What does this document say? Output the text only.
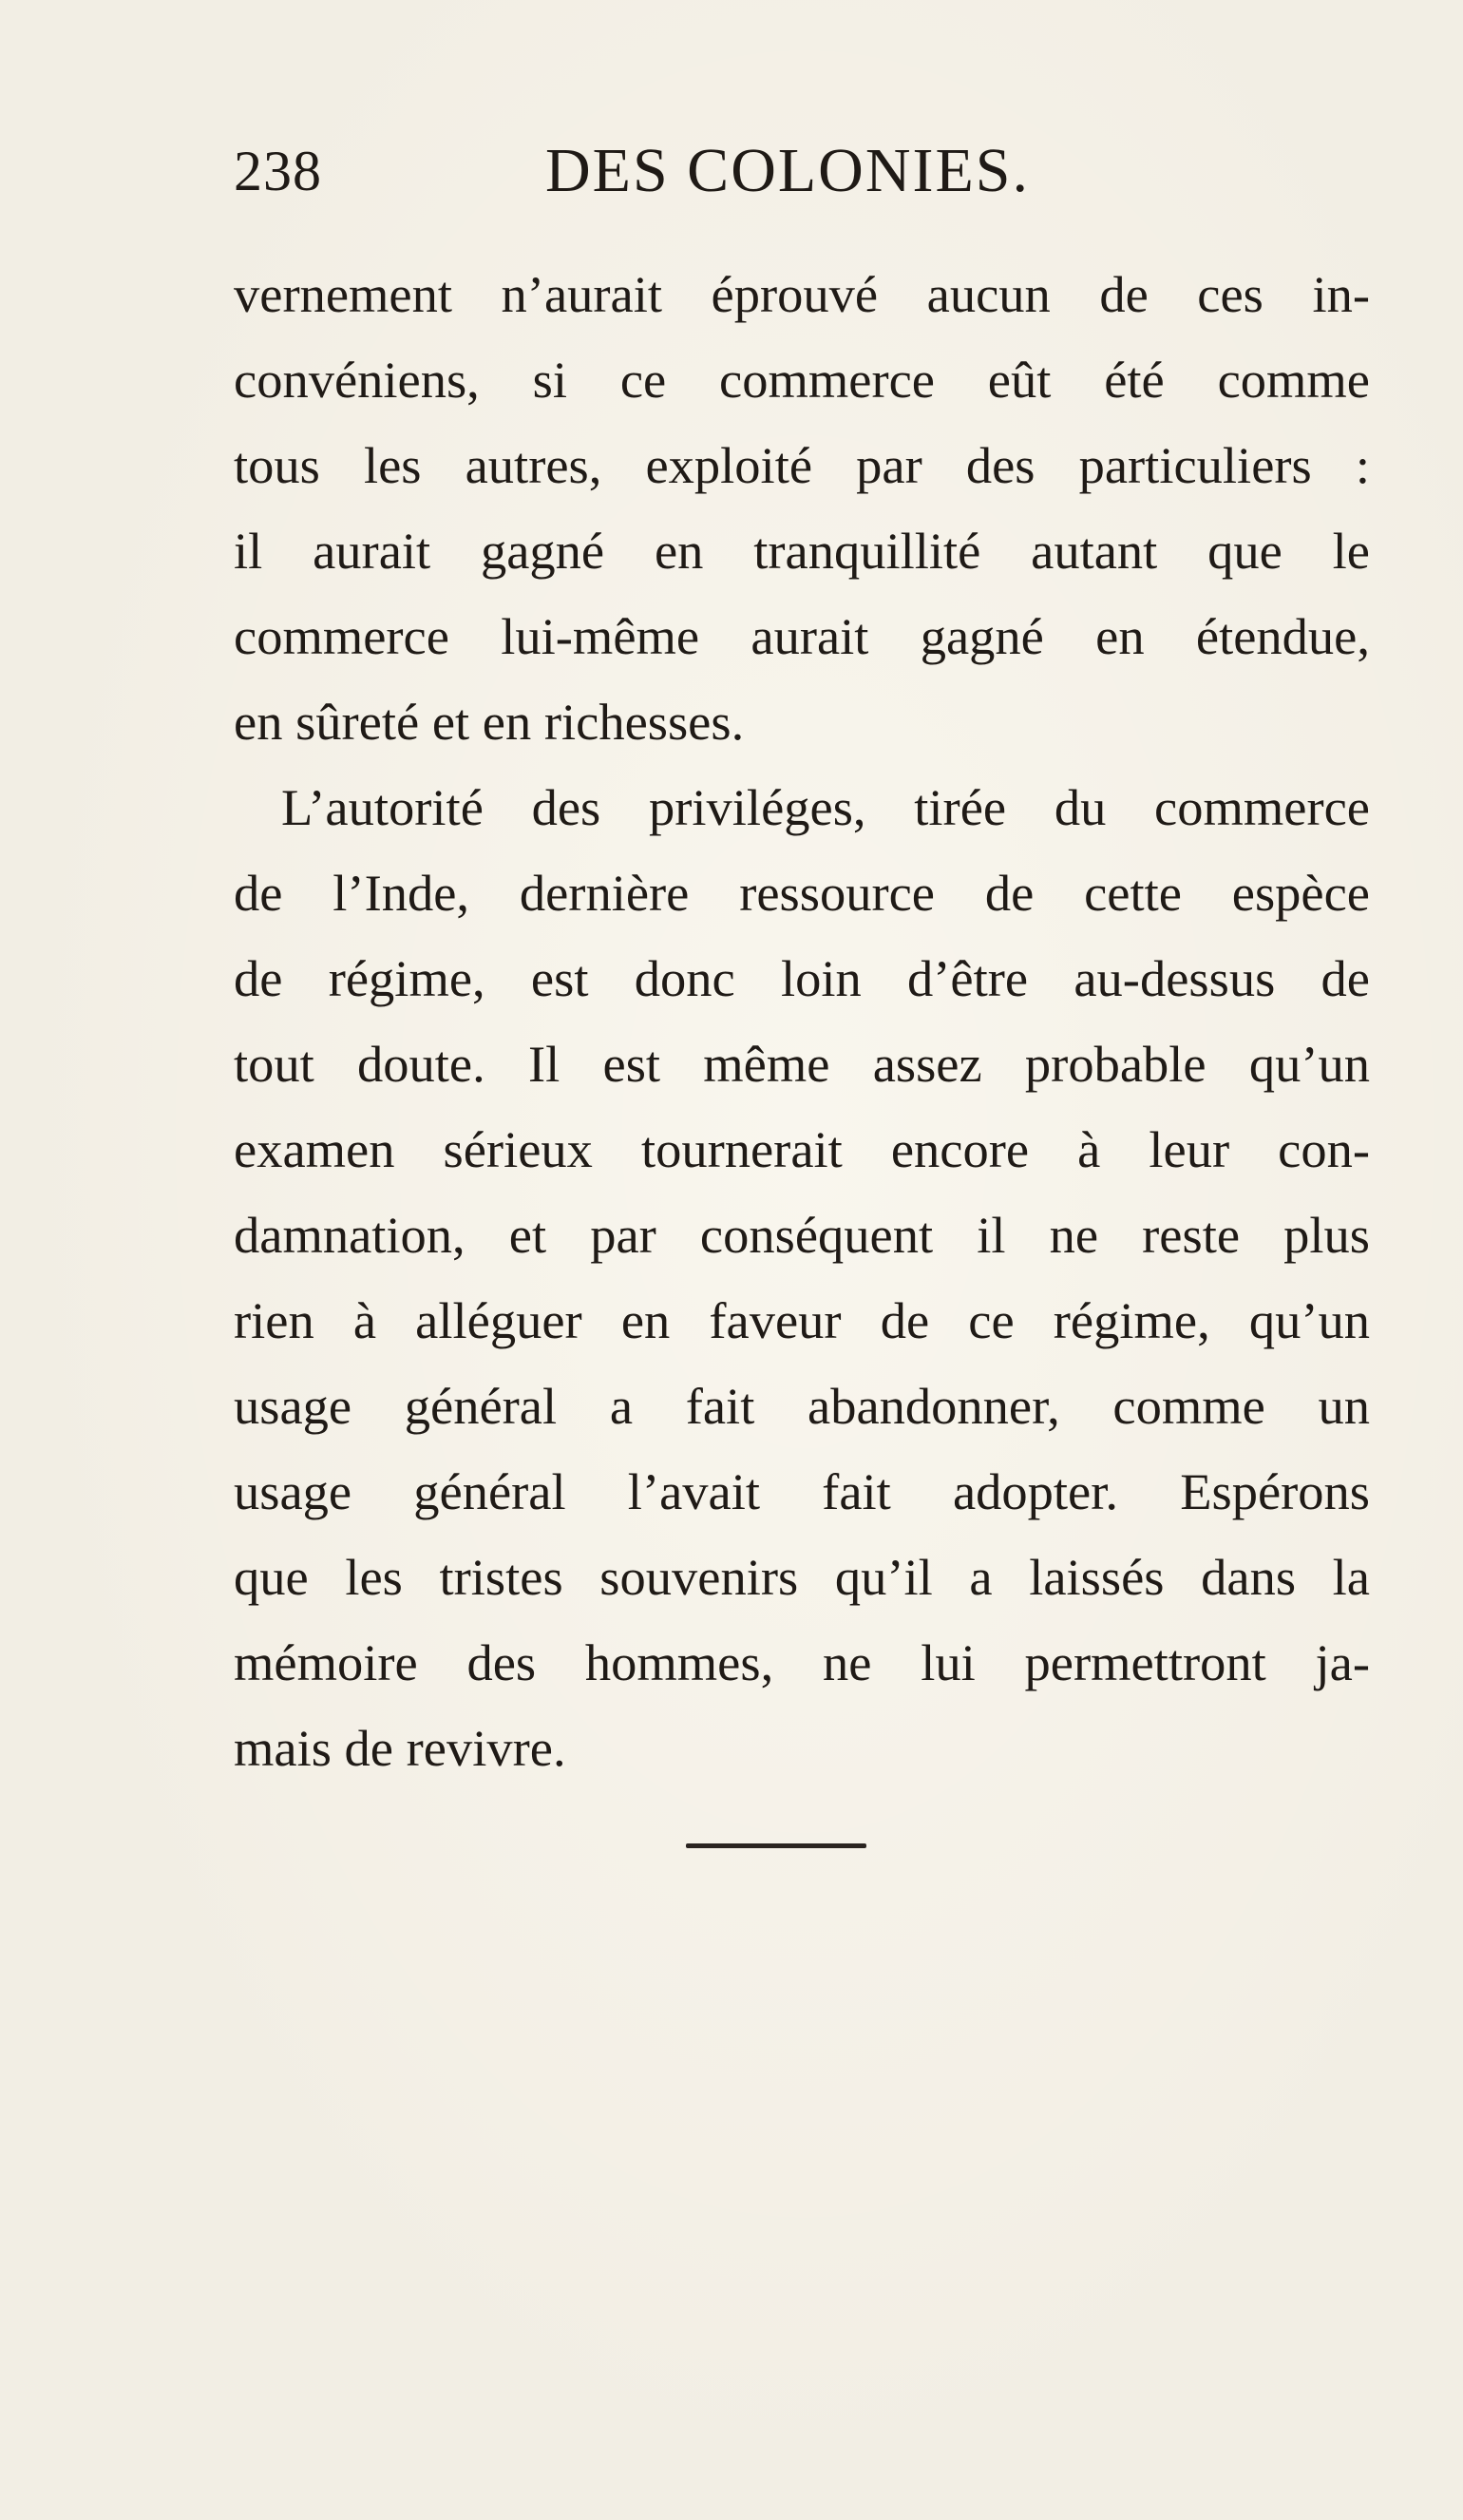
238	DES COLONIES.
vernement n’aurait éprouvé aucun de ces in-
convéniens, si ce commerce eût été comme
tous les autres, exploité par des particuliers :
il aurait gagné en tranquillité autant que le
commerce lui-même aurait gagné en étendue,
en sûreté et en richesses.
L’autorité des priviléges, tirée du commerce
de l’Inde, dernière ressource de cette espèce
de régime, est donc loin d’être au-dessus de
tout doute. Il est même assez probable qu’un
examen sérieux tournerait encore à leur con-
damnation, et par conséquent il ne reste plus
rien à alléguer en faveur de ce régime, qu’un
usage général a fait abandonner, comme un
usage général l’avait fait adopter. Espérons
que les tristes souvenirs qu’il a laissés dans la
mémoire des hommes, ne lui permettront ja-
mais de revivre.
